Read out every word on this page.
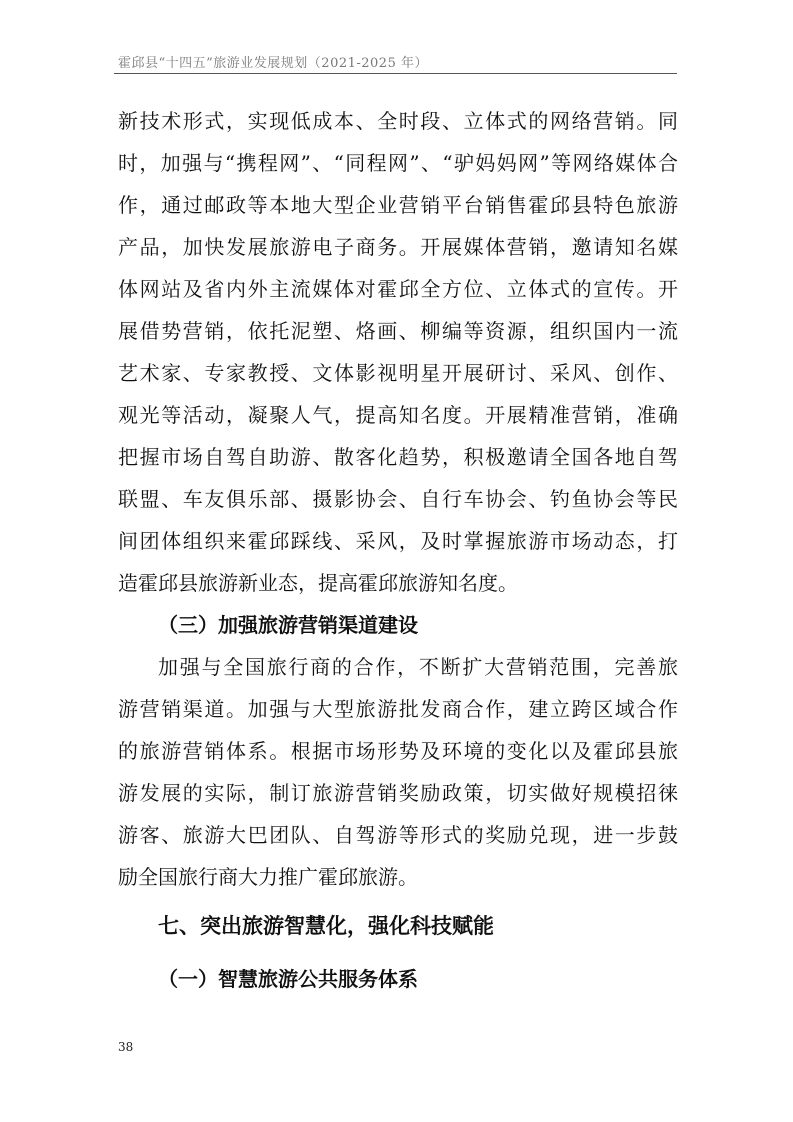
霍邱县“十四五”旅游业发展规划（2021-2025 年）
新技术形式，实现低成本、全时段、立体式的网络营销。同
时，加强与“携程网”、“同程网”、“驴妈妈网”等网络媒体合
作，通过邮政等本地大型企业营销平台销售霍邱县特色旅游
产品，加快发展旅游电子商务。开展媒体营销，邀请知名媒
体网站及省内外主流媒体对霍邱全方位、立体式的宣传。开
展借势营销，依托泥塑、烙画、柳编等资源，组织国内一流
艺术家、专家教授、文体影视明星开展研讨、采风、创作、
观光等活动，凝聚人气，提高知名度。开展精准营销，准确
把握市场自驾自助游、散客化趋势，积极邀请全国各地自驾
联盟、车友俱乐部、摄影协会、自行车协会、钓鱼协会等民
间团体组织来霍邱踩线、采风，及时掌握旅游市场动态，打
造霍邱县旅游新业态，提高霍邱旅游知名度。
（三）加强旅游营销渠道建设
加强与全国旅行商的合作，不断扩大营销范围，完善旅
游营销渠道。加强与大型旅游批发商合作，建立跨区域合作
的旅游营销体系。根据市场形势及环境的变化以及霍邱县旅
游发展的实际，制订旅游营销奖励政策，切实做好规模招徕
游客、旅游大巴团队、自驾游等形式的奖励兑现，进一步鼓
励全国旅行商大力推广霍邱旅游。
七、突出旅游智慧化，强化科技赋能
（一）智慧旅游公共服务体系
38
